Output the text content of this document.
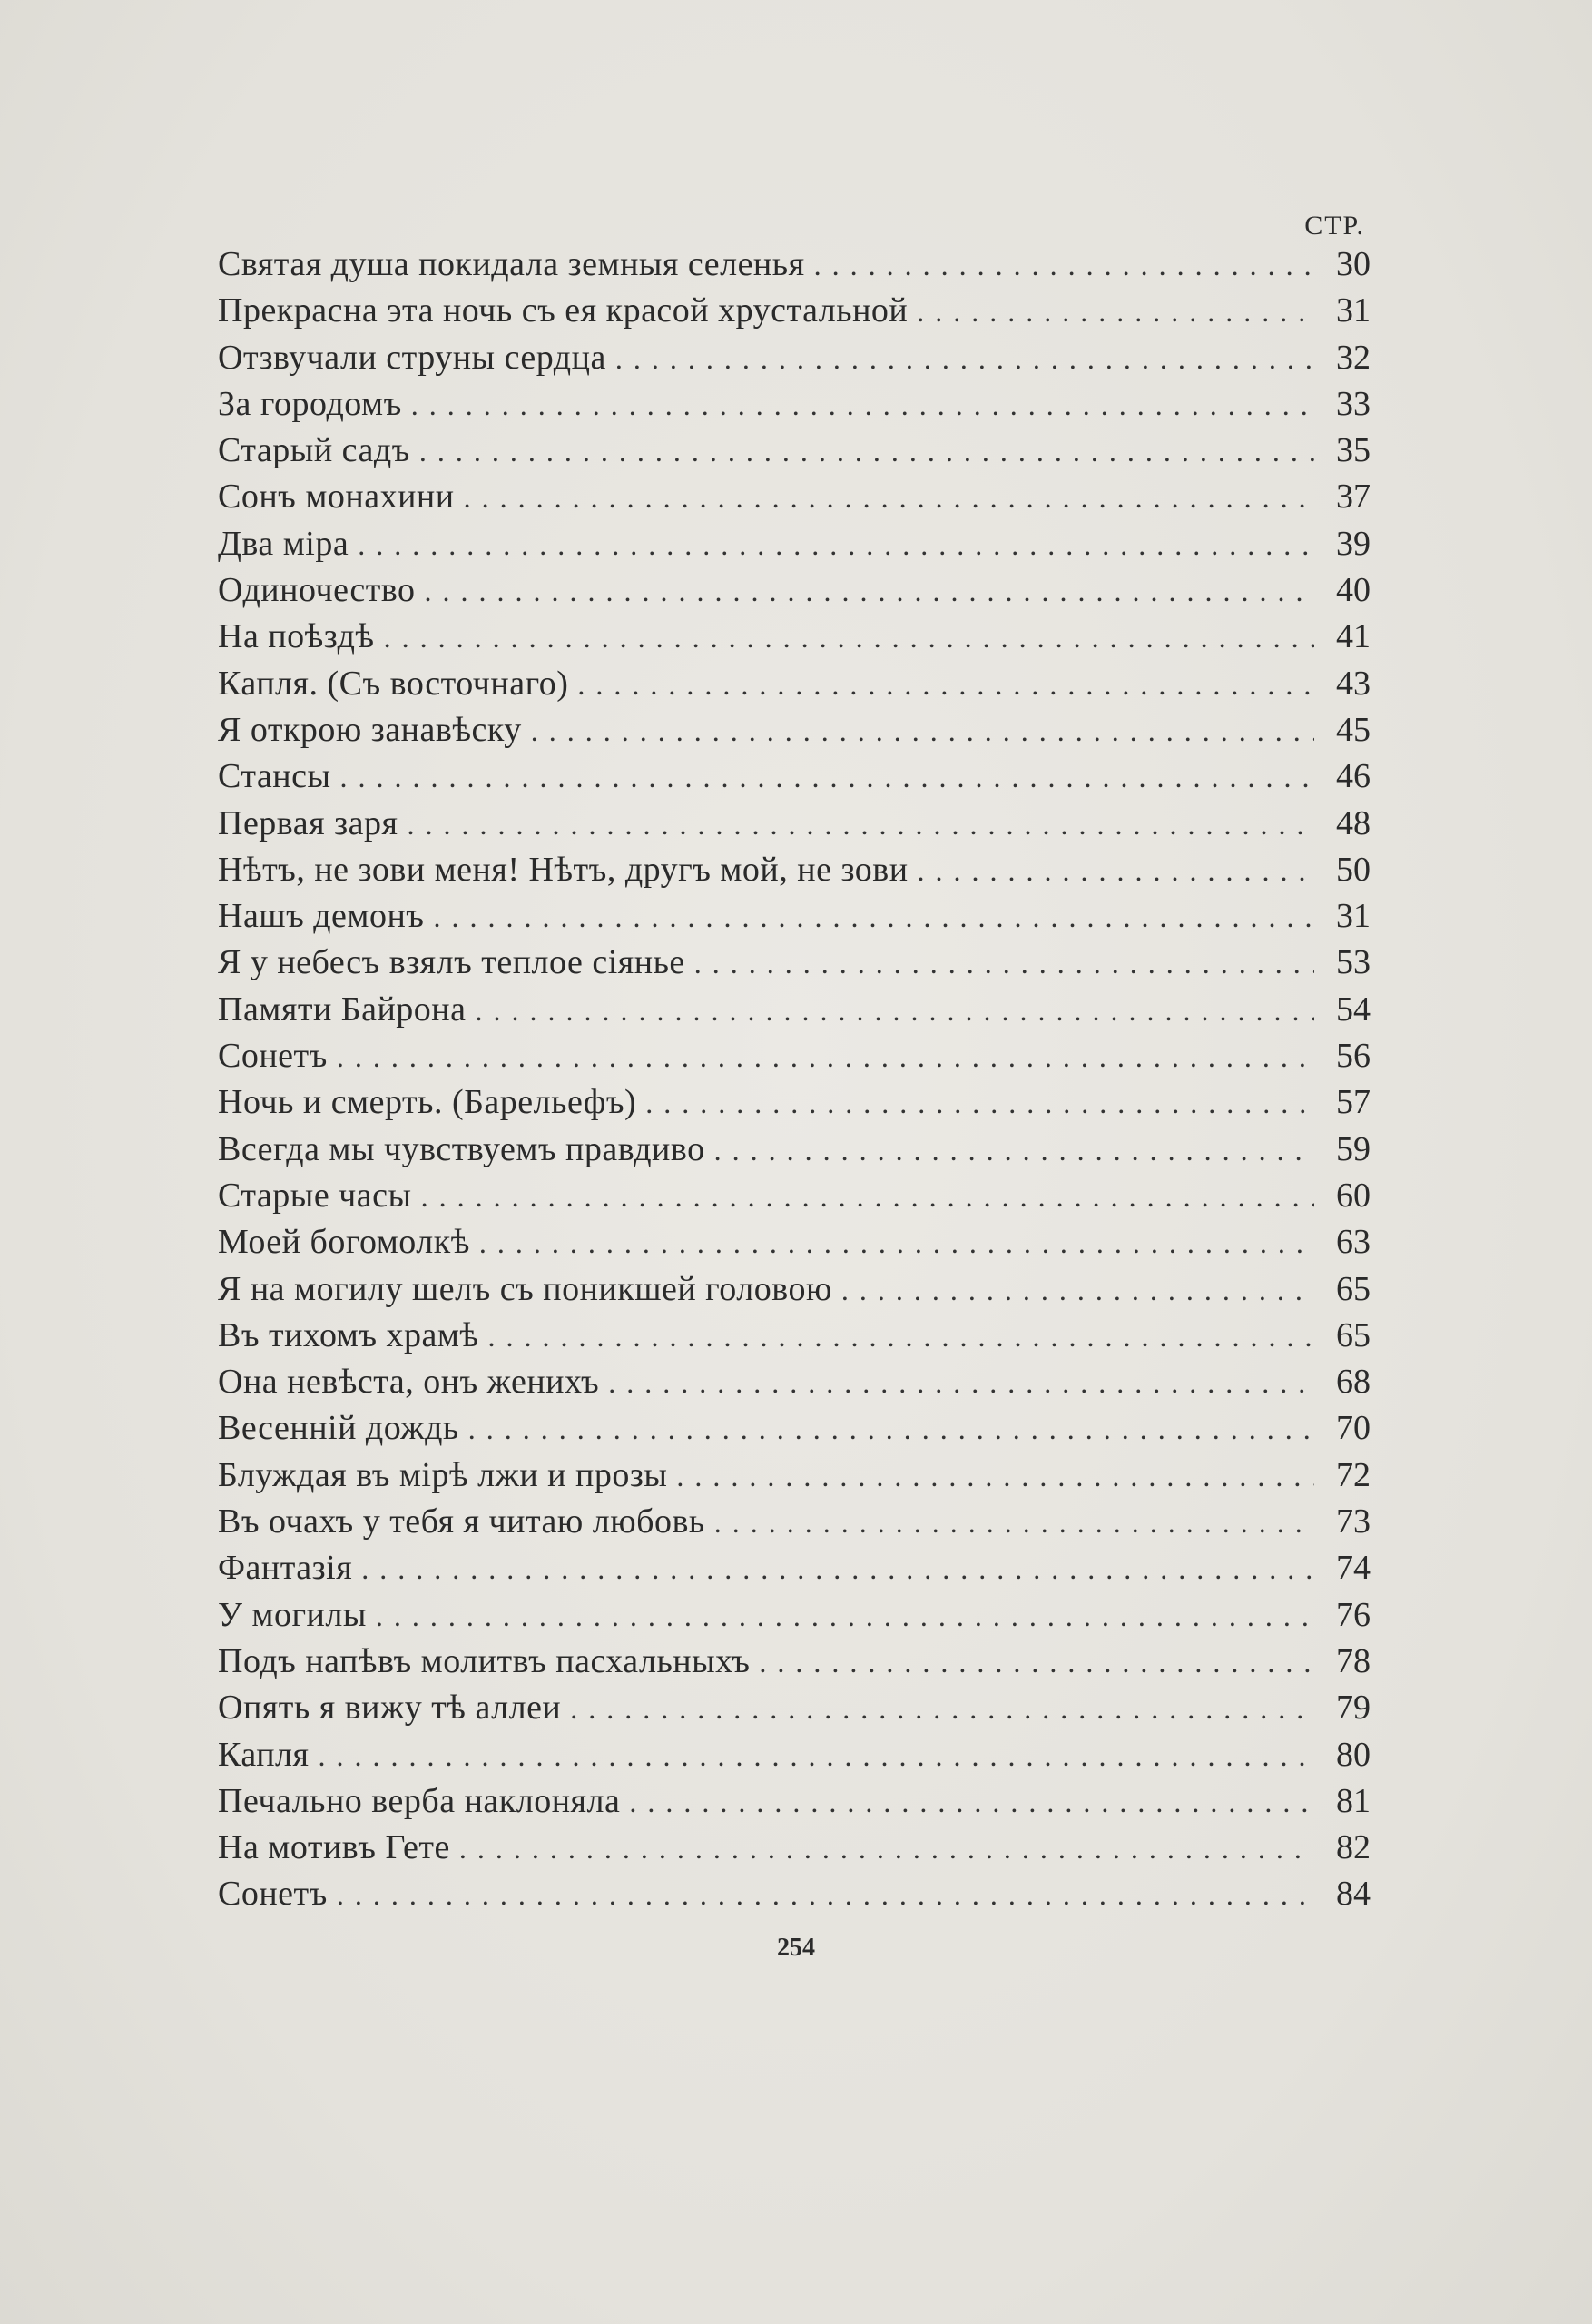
СТР.
Святая душа покидала земныя селенья . . .	30
Прекрасна эта ночь съ ея красой хрустальной . . .	31
Отзвучали струны сердца . . .	32
За городомъ . . .	33
Старый садъ . . .	35
Сонъ монахини . . .	37
Два міра . . .	39
Одиночество . . .	40
На поѣздѣ . . .	41
Капля. (Съ восточнаго) . . .	43
Я открою занавѣску . . .	45
Стансы . . .	46
Первая заря . . .	48
Нѣтъ, не зови меня! Нѣтъ, другъ мой, не зови . . .	50
Нашъ демонъ . . .	31
Я у небесъ взялъ теплое сіянье . . .	53
Памяти Байрона . . .	54
Сонетъ . . .	56
Ночь и смерть. (Барельефъ) . . .	57
Всегда мы чувствуемъ правдиво . . .	59
Старые часы . . .	60
Моей богомолкѣ . . .	63
Я на могилу шелъ съ поникшей головою . . .	65
Въ тихомъ храмѣ . . .	65
Она невѣста, онъ женихъ . . .	68
Весенній дождь . . .	70
Блуждая въ мірѣ лжи и прозы . . .	72
Въ очахъ у тебя я читаю любовь . . .	73
Фантазія . . .	74
У могилы . . .	76
Подъ напѣвъ молитвъ пасхальныхъ . . .	78
Опять я вижу тѣ аллеи . . .	79
Капля . . .	80
Печально верба наклоняла . . .	81
На мотивъ Гете . . .	82
Сонетъ . . .	84
254
